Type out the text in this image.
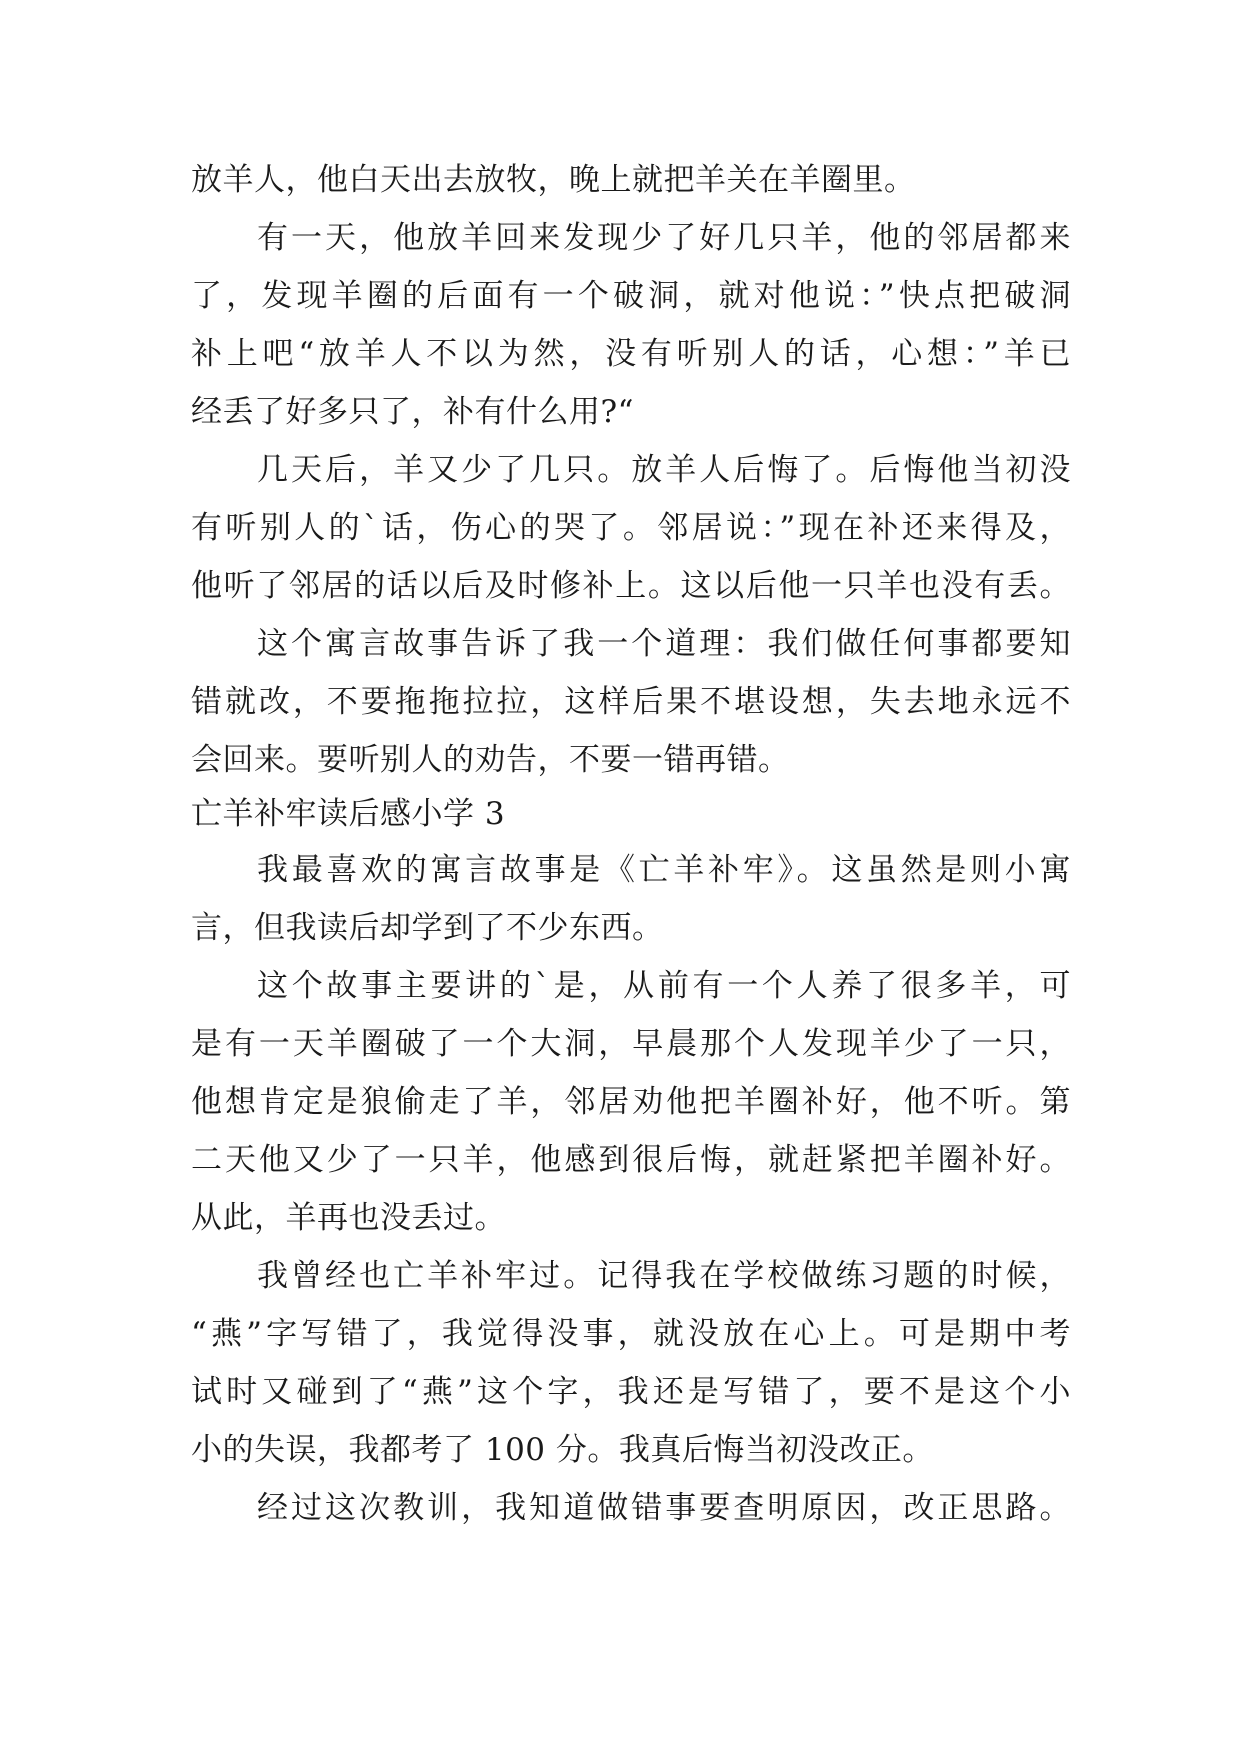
放羊人，他白天出去放牧，晚上就把羊关在羊圈里。
有一天，他放羊回来发现少了好几只羊，他的邻居都来
了，发现羊圈的后面有一个破洞，就对他说：”快点把破洞
补上吧“放羊人不以为然，没有听别人的话，心想：”羊已
经丢了好多只了，补有什么用?“
几天后，羊又少了几只。放羊人后悔了。后悔他当初没
有听别人的`话，伤心的哭了。邻居说：”现在补还来得及，
他听了邻居的话以后及时修补上。这以后他一只羊也没有丢。
这个寓言故事告诉了我一个道理：我们做任何事都要知
错就改，不要拖拖拉拉，这样后果不堪设想，失去地永远不
会回来。要听别人的劝告，不要一错再错。
亡羊补牢读后感小学 3
我最喜欢的寓言故事是《亡羊补牢》。这虽然是则小寓
言，但我读后却学到了不少东西。
这个故事主要讲的`是，从前有一个人养了很多羊，可
是有一天羊圈破了一个大洞，早晨那个人发现羊少了一只，
他想肯定是狼偷走了羊，邻居劝他把羊圈补好，他不听。第
二天他又少了一只羊，他感到很后悔，就赶紧把羊圈补好。
从此，羊再也没丢过。
我曾经也亡羊补牢过。记得我在学校做练习题的时候，
“燕”字写错了，我觉得没事，就没放在心上。可是期中考
试时又碰到了“燕”这个字，我还是写错了，要不是这个小
小的失误，我都考了 100 分。我真后悔当初没改正。
经过这次教训，我知道做错事要查明原因，改正思路。
